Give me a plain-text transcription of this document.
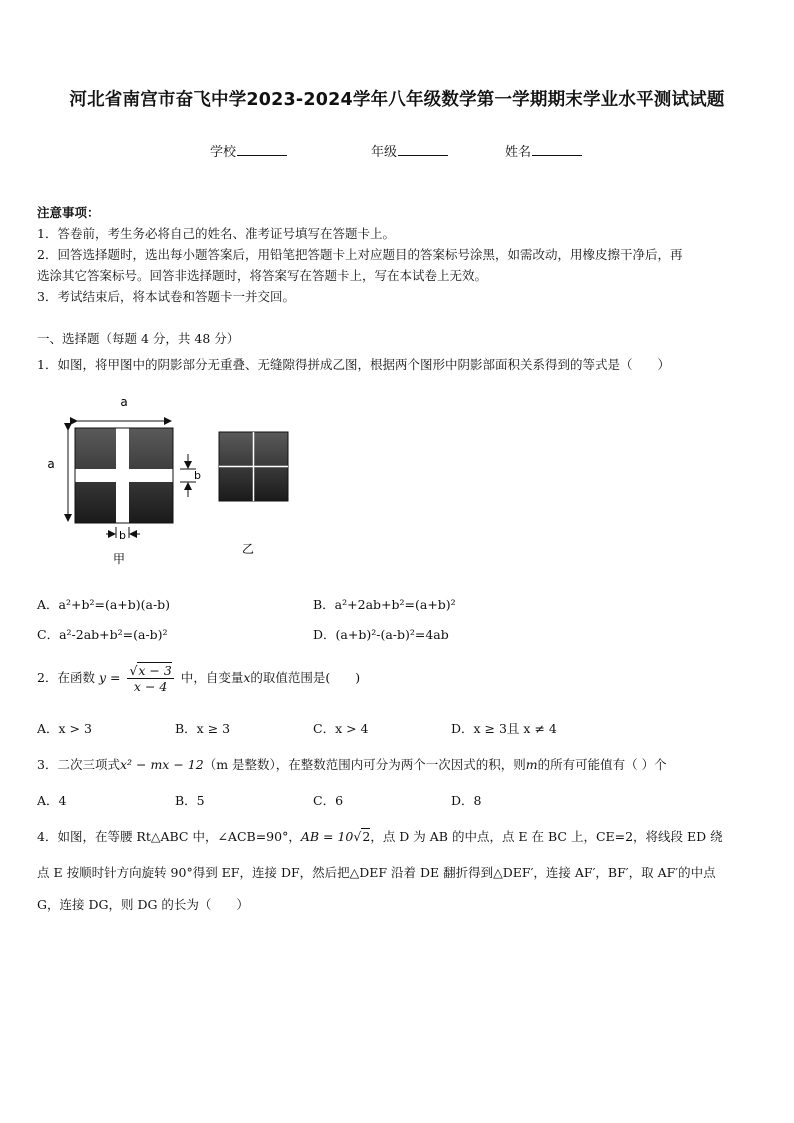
河北省南宫市奋飞中学2023-2024学年八年级数学第一学期期末学业水平测试试题
学校	年级	姓名
注意事项：
1．答卷前，考生务必将自己的姓名、准考证号填写在答题卡上。
2．回答选择题时，选出每小题答案后，用铅笔把答题卡上对应题目的答案标号涂黑，如需改动，用橡皮擦干净后，再
选涂其它答案标号。回答非选择题时，将答案写在答题卡上，写在本试卷上无效。
3．考试结束后，将本试卷和答题卡一并交回。
一、选择题（每题 4 分，共 48 分）
1．如图，将甲图中的阴影部分无重叠、无缝隙得拼成乙图，根据两个图形中阴影部面积关系得到的等式是（　　）
a
a
b
b
甲
乙
A．a²+b²=(a+b)(a-b)	B．a²+2ab+b²=(a+b)²
C．a²-2ab+b²=(a-b)²	D．(a+b)²-(a-b)²=4ab
2．在函数 $y = \frac{√x - 3}{x - 4}$ 中，自变量x的取值范围是(　　)
A．x > 3	B．x ≥ 3	C．x > 4	D．x ≥ 3且 x ≠ 4
3．二次三项式x² − mx − 12（m 是整数），在整数范围内可分为两个一次因式的积，则m的所有可能值有（ ）个
A．4	B．5	C．6	D．8
4．如图，在等腰 Rt△ABC 中，∠ACB=90°，AB = 10√2，点 D 为 AB 的中点，点 E 在 BC 上，CE=2，将线段 ED 绕
点 E 按顺时针方向旋转 90°得到 EF，连接 DF，然后把△DEF 沿着 DE 翻折得到△DEF′，连接 AF′，BF′，取 AF′的中点
G，连接 DG，则 DG 的长为（　　）
